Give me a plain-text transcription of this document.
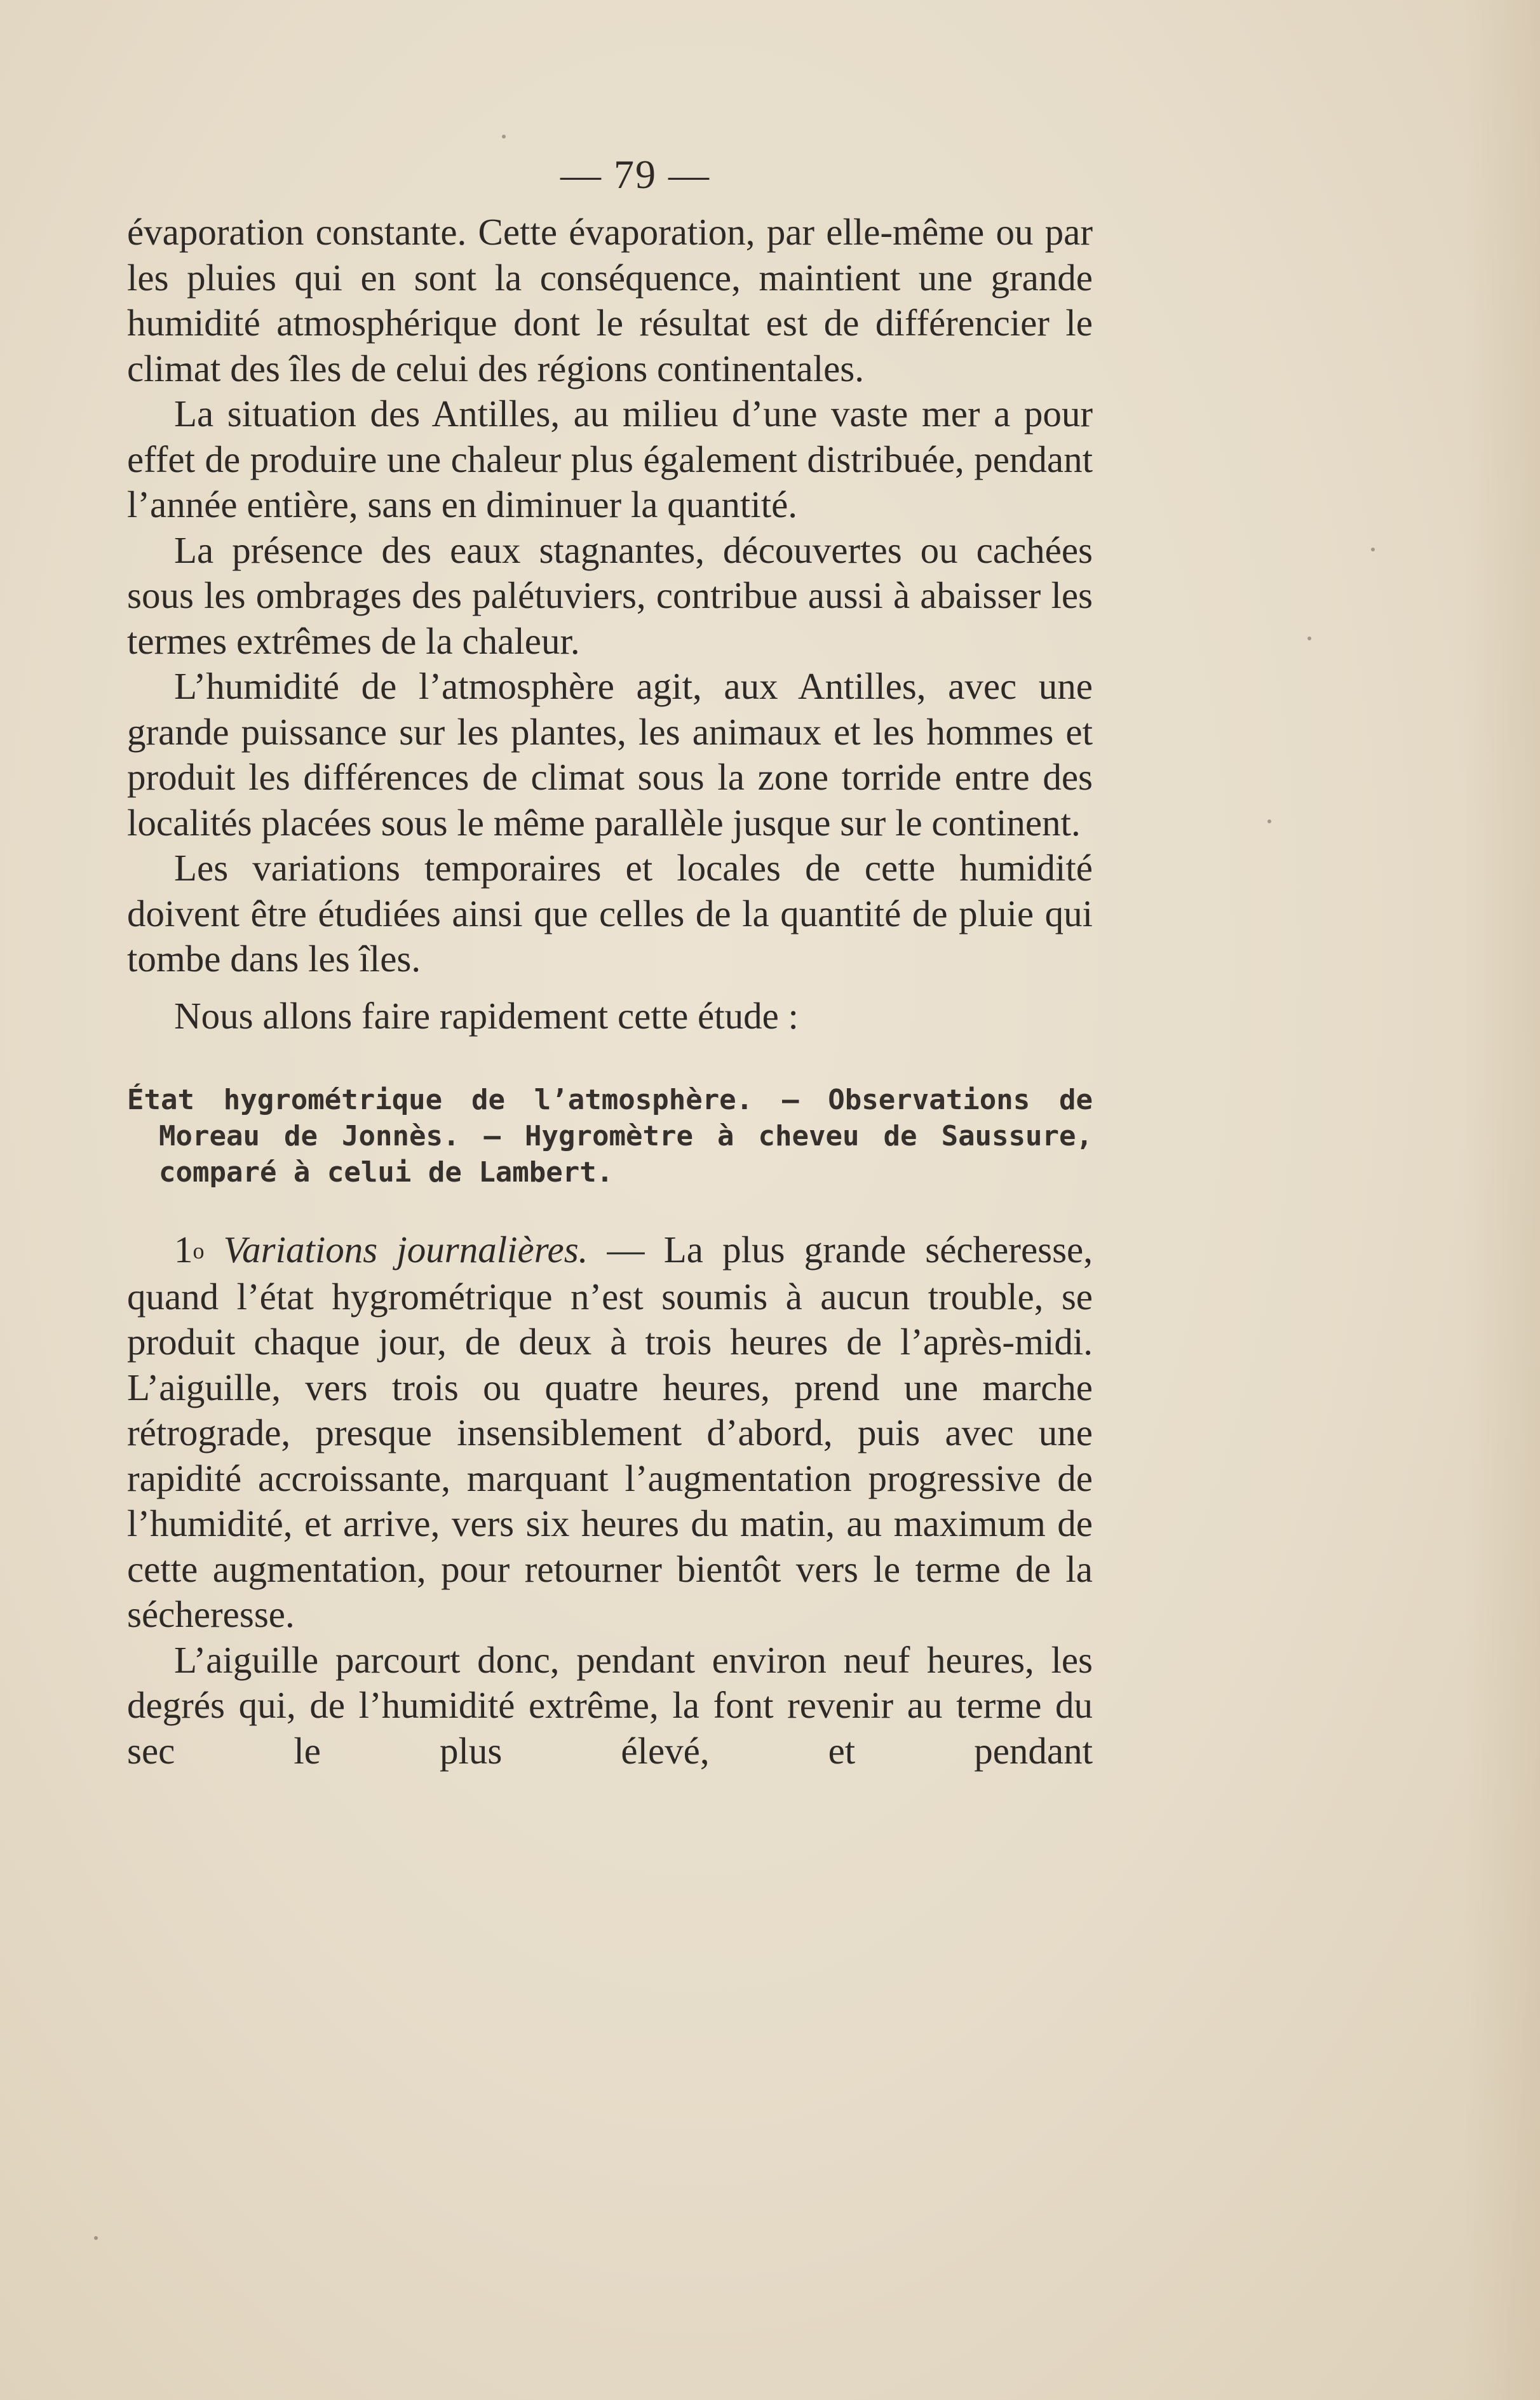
— 79 —

évaporation constante. Cette évaporation, par elle-même ou par les pluies qui en sont la conséquence, maintient une grande humidité atmosphérique dont le résultat est de différencier le climat des îles de celui des régions continentales.

La situation des Antilles, au milieu d’une vaste mer a pour effet de produire une chaleur plus également distribuée, pendant l’année entière, sans en diminuer la quantité.

La présence des eaux stagnantes, découvertes ou cachées sous les ombrages des palétuviers, contribue aussi à abaisser les termes extrêmes de la chaleur.

L’humidité de l’atmosphère agit, aux Antilles, avec une grande puissance sur les plantes, les animaux et les hommes et produit les différences de climat sous la zone torride entre des localités placées sous le même parallèle jusque sur le continent.

Les variations temporaires et locales de cette humidité doivent être étudiées ainsi que celles de la quantité de pluie qui tombe dans les îles.

Nous allons faire rapidement cette étude :

État hygrométrique de l’atmosphère. — Observations de Moreau de Jonnès. – Hygromètre à cheveu de Saussure, comparé à celui de Lambert.

1$^o$ Variations journalières. — La plus grande sécheresse, quand l’état hygrométrique n’est soumis à aucun trouble, se produit chaque jour, de deux à trois heures de l’après-midi. L’aiguille, vers trois ou quatre heures, prend une marche rétrograde, presque insensiblement d’abord, puis avec une rapidité accroissante, marquant l’augmentation progressive de l’humidité, et arrive, vers six heures du matin, au maximum de cette augmentation, pour retourner bientôt vers le terme de la sécheresse.

L’aiguille parcourt donc, pendant environ neuf heures, les degrés qui, de l’humidité extrême, la font revenir au terme du sec le plus élevé, et pendant
